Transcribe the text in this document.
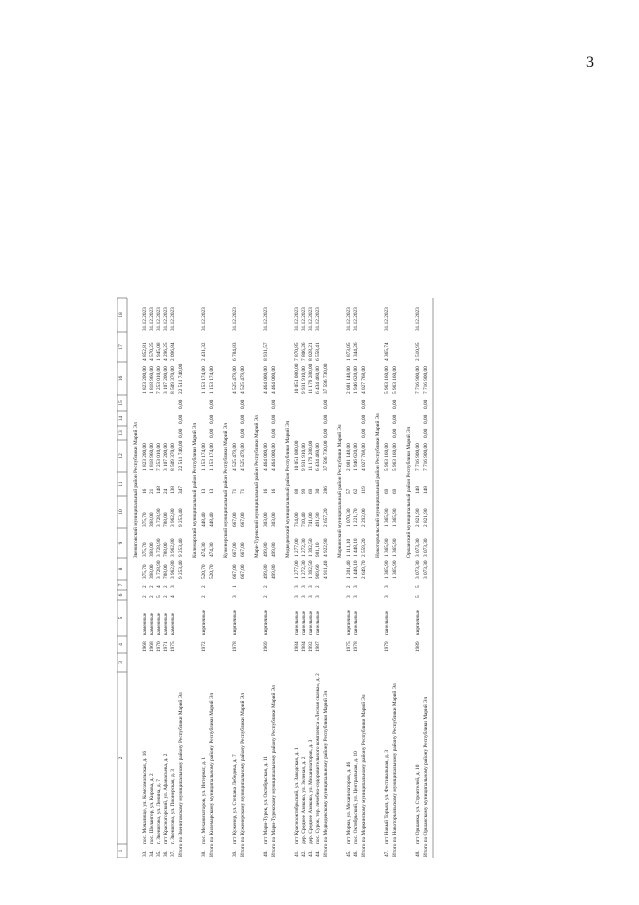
3
1
2
3
4
5
6
7
8
9
10
11
12
13
14
15
16
17
18
Звениговский муниципальный район Республики Марий Эл
33.
пос. Мочалище, ул. Комсомольская, д. 16
1968
каменные
2
2
375,70
375,70
375,70
16
1 823 200,00
1 823 200,00
4 852,81
31.12.2023
34.
пос. Шелангер, ул. Кирова, д. 2
1968
каменные
2
2
398,00
398,00
398,00
21
1 818 960,00
1 818 960,00
4 570,25
31.12.2023
35.
г. Звенигово, ул. Ленина, д. 7
1970
каменные
5
4
3 728,90
3 728,90
3 728,90
148
7 253 010,00
7 253 010,00
1 945,08
31.12.2023
36.
пгт Красногорский, ул. Афанасьева, д. 2
1971
каменные
2
2
788,00
788,00
788,00
24
3 107 200,00
3 107 200,00
4 296,25
31.12.2023
37.
г. Звенигово, ул. Пионерская, д. 3
1975
каменные
4
3
3 962,80
3 962,80
3 962,80
138
8 509 370,00
8 509 370,00
2 096,84
31.12.2023
Итого по Звениговскому муниципальному району Республики Марий Эл
9 253,40
9 253,40
9 253,40
347
22 511 740,00
0,00
0,00
0,00
22 511 740,00
Килемарский муниципальный район Республики Марий Эл
38.
пос. Механизаторов, ул. Интернат, д. 1
1972
кирпичные
2
2
520,70
474,30
448,40
13
1 153 174,00
1 153 174,00
2 431,32
31.12.2023
Итого по Килемарскому муниципальному району Республики Марий Эл
520,70
474,30
448,40
13
1 153 174,00
0,00
0,00
0,00
1 153 174,00
Куженерский муниципальный район Республики Марий Эл
39.
пгт Куженер, ул. Степана Лебедева, д. 7
1978
кирпичные
3
1
667,00
667,00
667,00
71
4 525 479,00
4 525 479,00
6 784,83
31.12.2023
Итого по Куженерскому муниципальному району Республики Марий Эл
667,00
667,00
667,00
71
4 525 479,00
0,00
0,00
0,00
4 525 479,00
Мари-Турекский муниципальный район Республики Марий Эл
40.
пгт Мари-Турек, ул. Октябрьская, д. 11
1969
кирпичные
2
2
499,80
499,80
303,00
16
4 464 000,00
4 464 000,00
8 931,57
31.12.2023
Итого по Мари-Турекскому муниципальному району Республики Марий Эл
499,80
499,80
303,00
16
4 464 000,00
0,00
0,00
0,00
4 464 000,00
Медведевский муниципальный район Республики Марий Эл
41.
пгт Краснооктябрьский, ул. Заводская, д. 1
1984
панельные
3
3
1 277,00
1 277,00
714,00
88
10 051 080,00
10 051 080,00
7 870,85
31.12.2023
42.
дер. Среднее Азяково, ул. Зеленая, д. 2
1984
панельные
3
3
1 272,30
1 272,30
710,40
99
9 931 910,00
9 931 910,00
7 806,26
31.12.2023
43.
дер. Среднее Азяково, ул. Механизаторов, д. 3
1992
панельные
3
3
1 392,50
1 392,50
741,00
69
11 179 280,00
11 179 280,00
8 028,21
31.12.2023
44.
пос. Сурок, тер. лечебно-оздоровительного комплекса «Лесная сказка», д. 2
1987
панельные
3
2
969,60
981,10
491,90
30
6 434 460,00
6 434 460,00
6 558,41
31.12.2023
Итого по Медведевскому муниципальному району Республики Марий Эл
4 911,40
4 922,90
2 657,20
286
37 596 730,00
0,00
0,00
0,00
37 596 730,00
Моркинский муниципальный район Республики Марий Эл
45.
пгт Морки, ул. Механизаторов, д. 46
1975
кирпичные
3
2
1 201,40
1 111,10
1 070,30
57
2 081 148,00
2 081 148,00
1 873,05
31.12.2023
46.
пос. Октябрьский, ул. Центральная, д. 10
1978
панельные
3
3
1 448,10
1 448,10
1 221,70
62
1 946 620,00
1 946 620,00
1 344,26
31.12.2023
Итого по Моркинскому муниципальному району Республики Марий Эл
2 649,70
2 559,20
2 292,00
119
4 027 768,00
0,00
0,00
0,00
4 027 768,00
Новоторъяльский муниципальный район Республики Марий Эл
47.
пгт Новый Торъял, ул. Фестивальная, д. 3
1979
панельные
3
3
1 365,90
1 365,90
1 365,90
69
5 963 160,00
5 963 160,00
4 365,74
31.12.2023
Итого по Новоторъяльскому муниципальному району Республики Марий Эл
1 365,90
1 365,90
1 365,90
69
5 963 160,00
0,00
0,00
0,00
5 963 160,00
Оршанский муниципальный район Республики Марий Эл
48.
пгт Оршанка, ул. Строителей, д. 10
1989
кирпичные
5
5
3 073,30
3 073,30
2 821,90
148
7 716 900,00
7 716 900,00
2 510,95
31.12.2023
Итого по Оршанскому муниципальному району Республики Марий Эл
3 073,30
3 073,30
2 821,90
148
7 716 900,00
0,00
0,00
0,00
7 716 900,00
